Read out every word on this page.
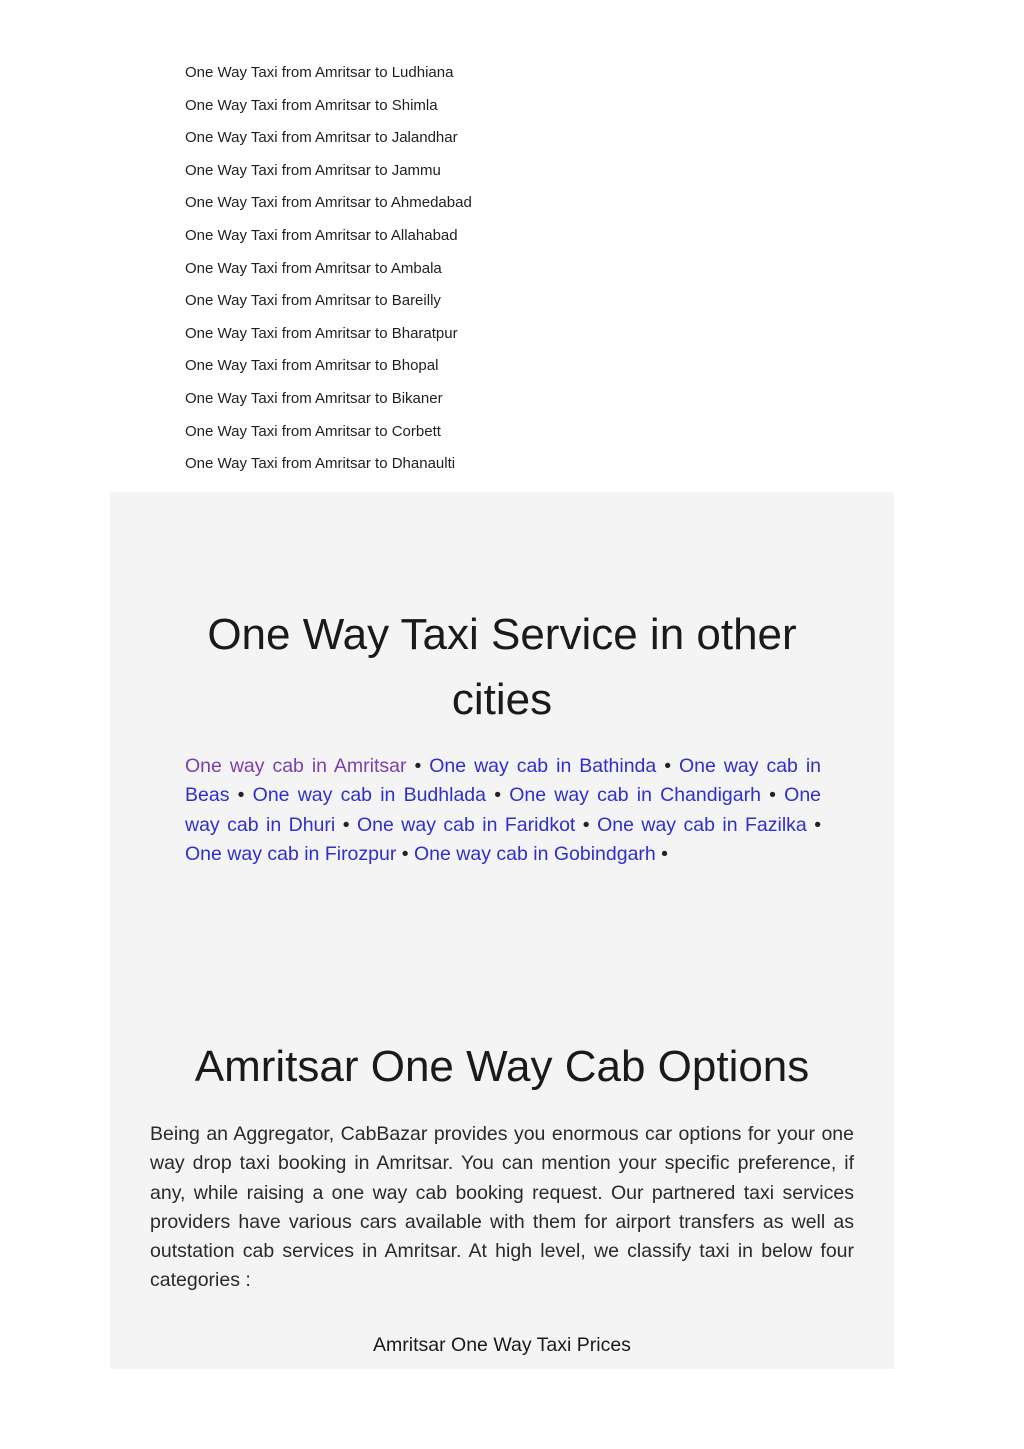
One Way Taxi from Amritsar to Ludhiana
One Way Taxi from Amritsar to Shimla
One Way Taxi from Amritsar to Jalandhar
One Way Taxi from Amritsar to Jammu
One Way Taxi from Amritsar to Ahmedabad
One Way Taxi from Amritsar to Allahabad
One Way Taxi from Amritsar to Ambala
One Way Taxi from Amritsar to Bareilly
One Way Taxi from Amritsar to Bharatpur
One Way Taxi from Amritsar to Bhopal
One Way Taxi from Amritsar to Bikaner
One Way Taxi from Amritsar to Corbett
One Way Taxi from Amritsar to Dhanaulti
One Way Taxi Service in other
cities
One way cab in Amritsar • One way cab in Bathinda • One way cab in Beas • One way cab in Budhlada • One way cab in Chandigarh • One way cab in Dhuri • One way cab in Faridkot • One way cab in Fazilka • One way cab in Firozpur • One way cab in Gobindgarh •
Amritsar One Way Cab Options

Being an Aggregator, CabBazar provides you enormous car options for your one way drop taxi booking in Amritsar. You can mention your specific preference, if any, while raising a one way cab booking request. Our partnered taxi services providers have various cars available with them for airport transfers as well as outstation cab services in Amritsar. At high level, we classify taxi in below four categories :

Amritsar One Way Taxi Prices
